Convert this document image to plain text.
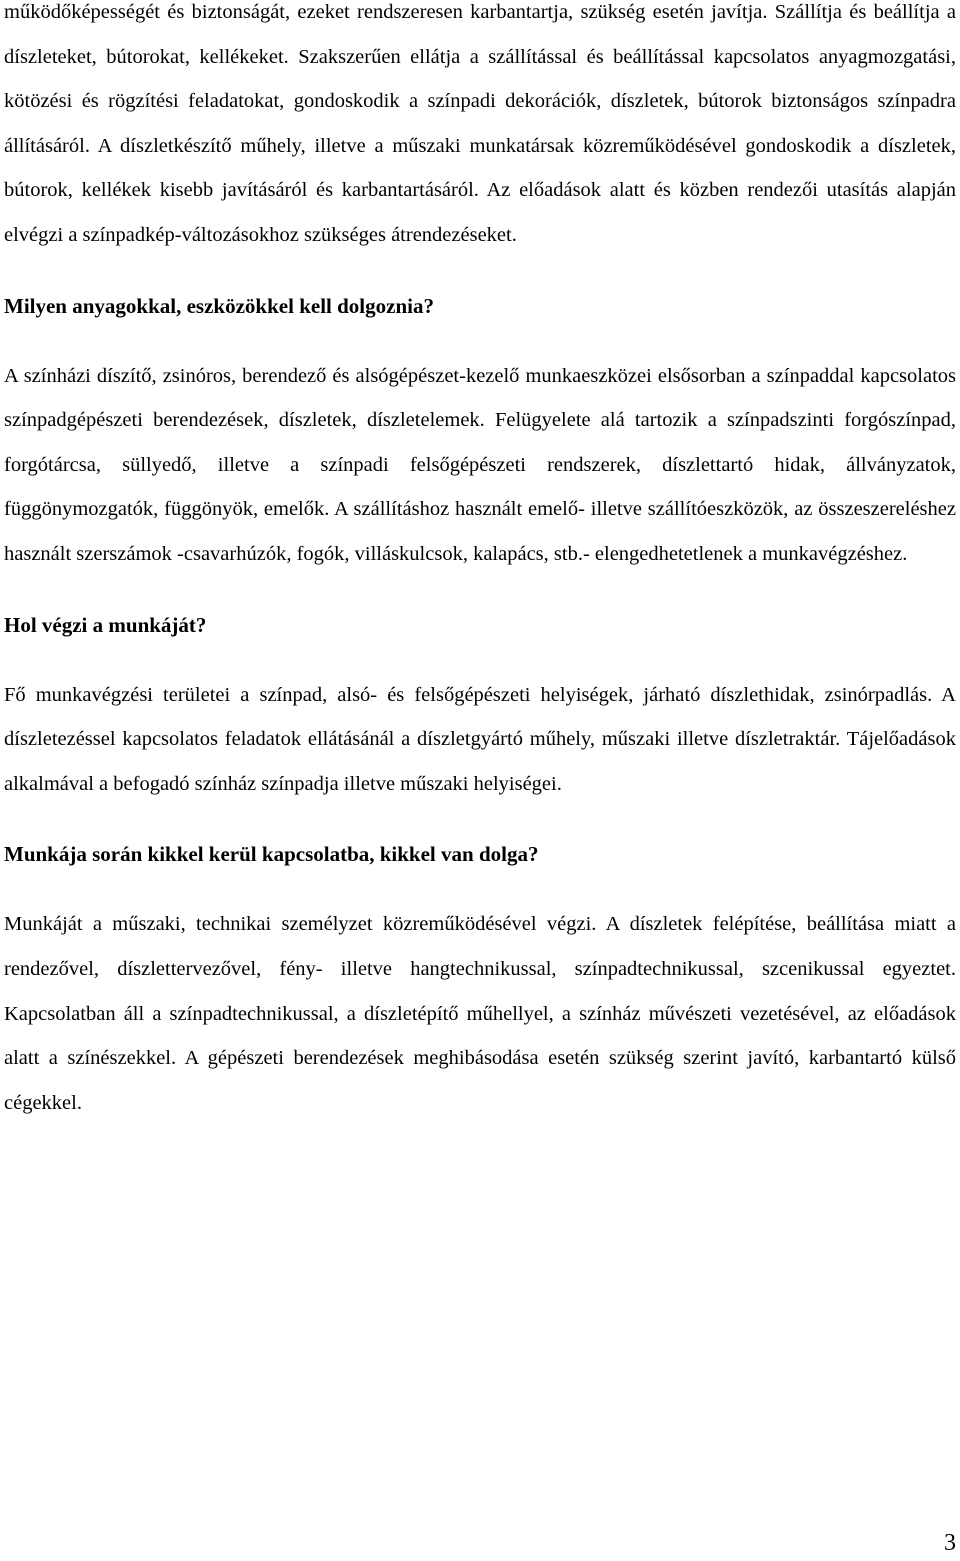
működőképességét és biztonságát, ezeket rendszeresen karbantartja, szükség esetén javítja. Szállítja és beállítja a díszleteket, bútorokat, kellékeket. Szakszerűen ellátja a szállítással és beállítással kapcsolatos anyagmozgatási, kötözési és rögzítési feladatokat, gondoskodik a színpadi dekorációk, díszletek, bútorok biztonságos színpadra állításáról. A díszletkészítő műhely, illetve a műszaki munkatársak közreműködésével gondoskodik a díszletek, bútorok, kellékek kisebb javításáról és karbantartásáról. Az előadások alatt és közben rendezői utasítás alapján elvégzi a színpadkép-változásokhoz szükséges átrendezéseket.

Milyen anyagokkal, eszközökkel kell dolgoznia?

A színházi díszítő, zsinóros, berendező és alsógépészet-kezelő munkaeszközei elsősorban a színpaddal kapcsolatos színpadgépészeti berendezések, díszletek, díszletelemek. Felügyelete alá tartozik a színpadszinti forgószínpad, forgótárcsa, süllyedő, illetve a színpadi felsőgépészeti rendszerek, díszlettartó hidak, állványzatok, függönymozgatók, függönyök, emelők. A szállításhoz használt emelő- illetve szállítóeszközök, az összeszereléshez használt szerszámok -csavarhúzók, fogók, villáskulcsok, kalapács, stb.- elengedhetetlenek a munkavégzéshez.

Hol végzi a munkáját?

Fő munkavégzési területei a színpad, alsó- és felsőgépészeti helyiségek, járható díszlethidak, zsinórpadlás. A díszletezéssel kapcsolatos feladatok ellátásánál a díszletgyártó műhely, műszaki illetve díszletraktár. Tájelőadások alkalmával a befogadó színház színpadja illetve műszaki helyiségei.

Munkája során kikkel kerül kapcsolatba, kikkel van dolga?

Munkáját a műszaki, technikai személyzet közreműködésével végzi. A díszletek felépítése, beállítása miatt a rendezővel, díszlettervezővel, fény- illetve hangtechnikussal, színpadtechnikussal, szcenikussal egyeztet. Kapcsolatban áll a színpadtechnikussal, a díszletépítő műhellyel, a színház művészeti vezetésével, az előadások alatt a színészekkel. A gépészeti berendezések meghibásodása esetén szükség szerint javító, karbantartó külső cégekkel.

3
